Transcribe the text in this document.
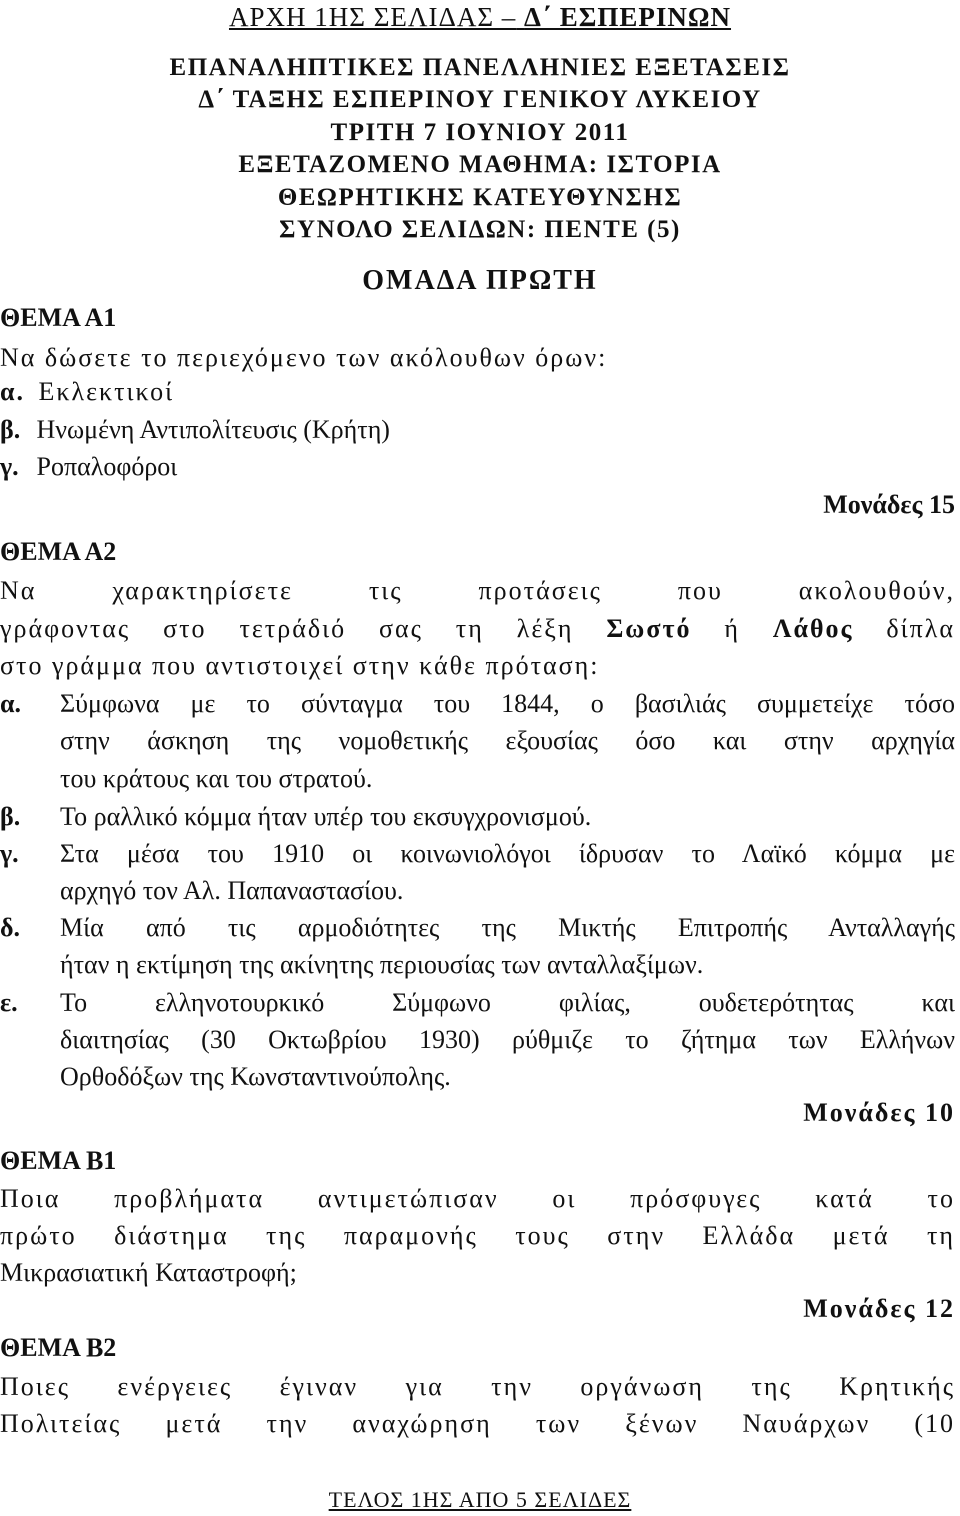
ΑΡΧΗ 1ΗΣ ΣΕΛΙΔΑΣ – Δ΄ ΕΣΠΕΡΙΝΩΝ
ΕΠΑΝΑΛΗΠΤΙΚΕΣ ΠΑΝΕΛΛΗΝΙΕΣ ΕΞΕΤΑΣΕΙΣ
Δ΄ ΤΑΞΗΣ ΕΣΠΕΡΙΝΟΥ ΓΕΝΙΚΟΥ ΛΥΚΕΙΟΥ
ΤΡΙΤΗ 7 ΙΟΥΝΙΟΥ 2011
ΕΞΕΤΑΖΟΜΕΝΟ ΜΑΘΗΜΑ: ΙΣΤΟΡΙΑ
ΘΕΩΡΗΤΙΚΗΣ ΚΑΤΕΥΘΥΝΣΗΣ
ΣΥΝΟΛΟ ΣΕΛΙΔΩΝ: ΠΕΝΤΕ (5)
ΟΜΑΔΑ ΠΡΩΤΗ
ΘΕΜΑ Α1
Να δώσετε το περιεχόμενο των ακόλουθων όρων:
α. Εκλεκτικοί
β. Ηνωμένη Αντιπολίτευσις (Κρήτη)
γ. Ροπαλοφόροι
Μονάδες 15
ΘΕΜΑ Α2
Να χαρακτηρίσετε τις προτάσεις που ακολουθούν,
γράφοντας στο τετράδιό σας τη λέξη Σωστό ή Λάθος δίπλα
στο γράμμα που αντιστοιχεί στην κάθε πρόταση:
α.	Σύμφωνα με το σύνταγμα του 1844, ο βασιλιάς συμμετείχε τόσο
στην άσκηση της νομοθετικής εξουσίας όσο και στην αρχηγία
του κράτους και του στρατού.
β.	Το ραλλικό κόμμα ήταν υπέρ του εκσυγχρονισμού.
γ.	Στα μέσα του 1910 οι κοινωνιολόγοι ίδρυσαν το Λαϊκό κόμμα με
αρχηγό τον Αλ. Παπαναστασίου.
δ.	Μία από τις αρμοδιότητες της Μικτής Επιτροπής Ανταλλαγής
ήταν η εκτίμηση της ακίνητης περιουσίας των ανταλλαξίμων.
ε.	Το ελληνοτουρκικό Σύμφωνο φιλίας, ουδετερότητας και
διαιτησίας (30 Οκτωβρίου 1930) ρύθμιζε το ζήτημα των Ελλήνων
Ορθοδόξων της Κωνσταντινούπολης.
Μονάδες 10
ΘΕΜΑ Β1
Ποια προβλήματα αντιμετώπισαν οι πρόσφυγες κατά το
πρώτο διάστημα της παραμονής τους στην Ελλάδα μετά τη
Μικρασιατική Καταστροφή;
Μονάδες 12
ΘΕΜΑ Β2
Ποιες ενέργειες έγιναν για την οργάνωση της Κρητικής
Πολιτείας μετά την αναχώρηση των ξένων Ναυάρχων (10
ΤΕΛΟΣ 1ΗΣ ΑΠΟ 5 ΣΕΛΙΔΕΣ
